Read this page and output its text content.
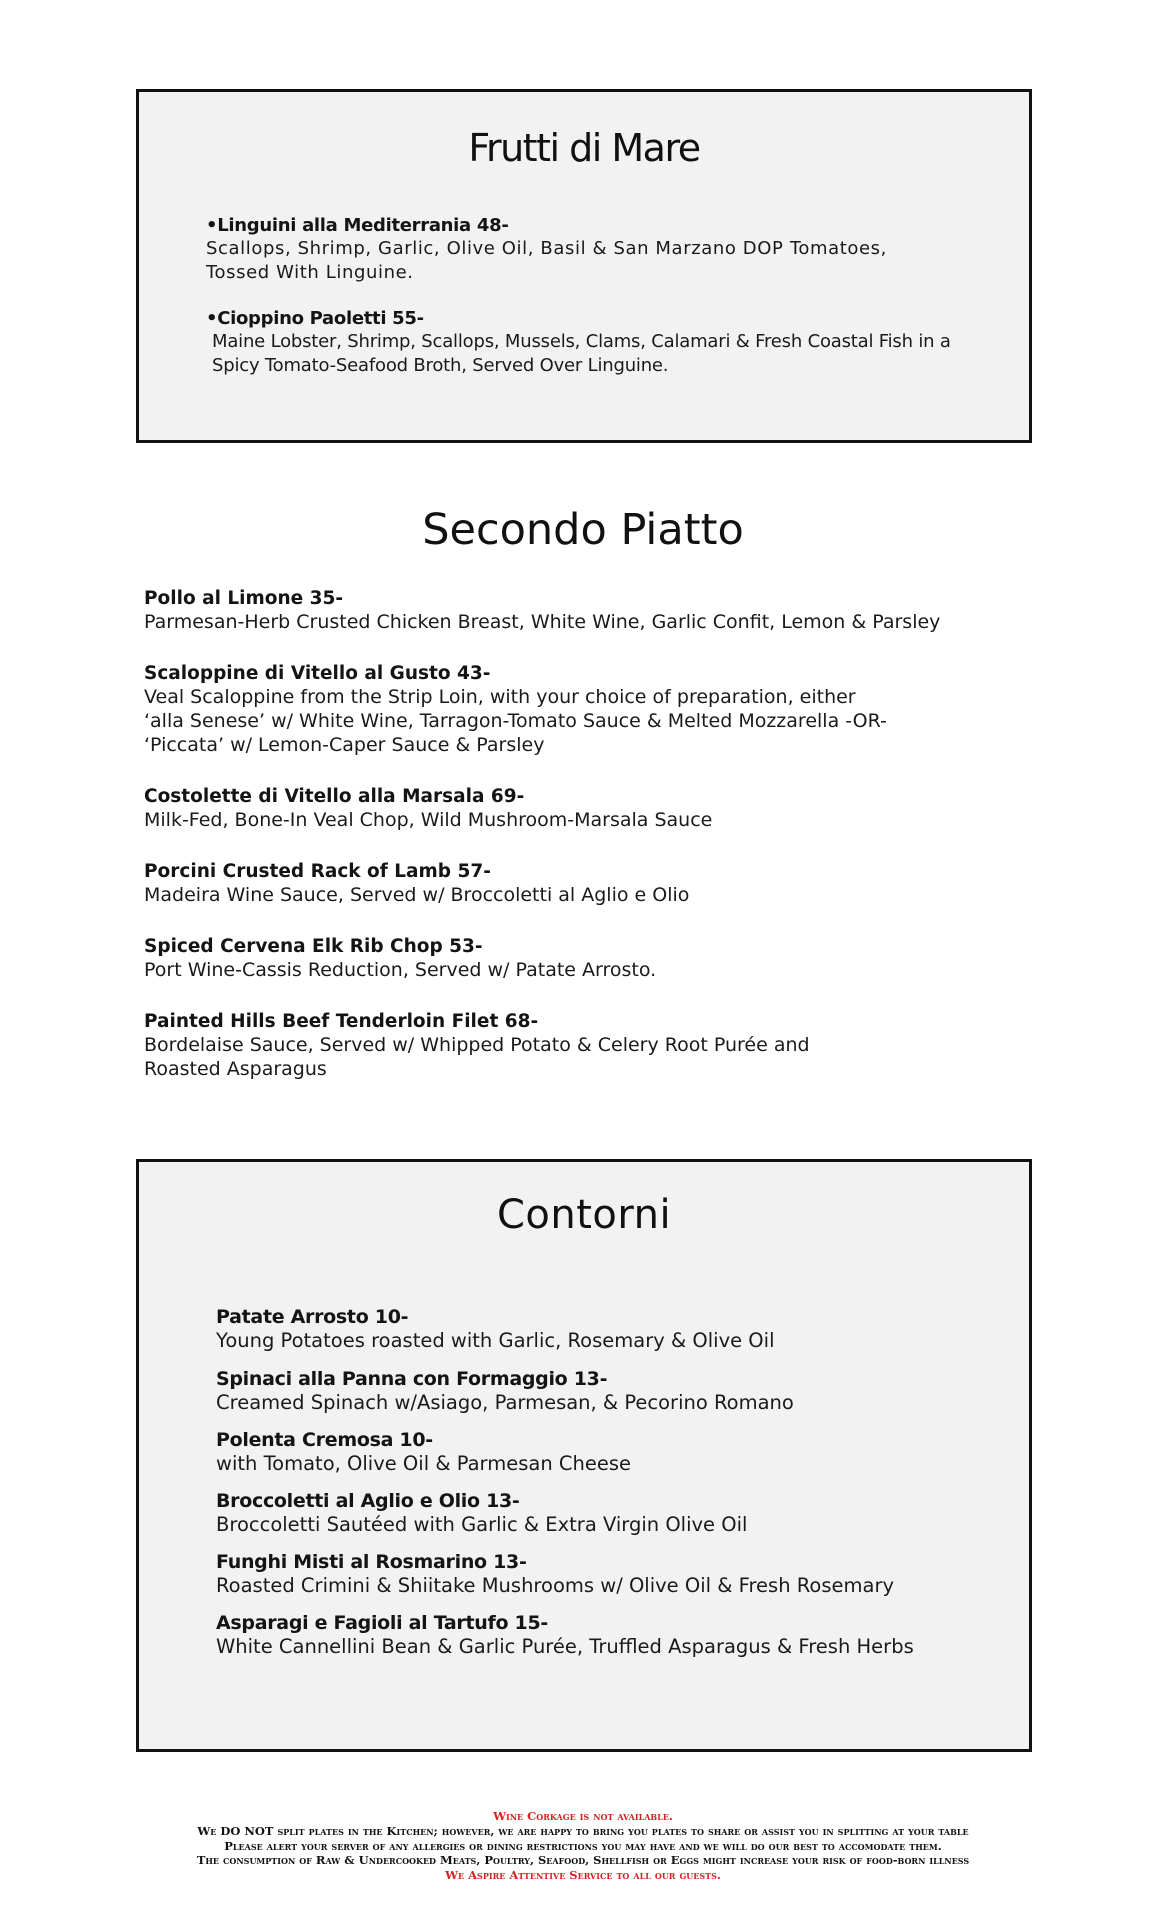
Frutti di Mare
•Linguini alla Mediterrania 48-
Scallops, Shrimp, Garlic, Olive Oil, Basil & San Marzano DOP Tomatoes,
Tossed With Linguine.
•Cioppino Paoletti 55-
Maine Lobster, Shrimp, Scallops, Mussels, Clams, Calamari & Fresh Coastal Fish in a
Spicy Tomato-Seafood Broth, Served Over Linguine.
Secondo Piatto
Pollo al Limone 35-
Parmesan-Herb Crusted Chicken Breast, White Wine, Garlic Confit, Lemon & Parsley
Scaloppine di Vitello al Gusto 43-
Veal Scaloppine from the Strip Loin, with your choice of preparation, either
‘alla Senese’ w/ White Wine, Tarragon-Tomato Sauce & Melted Mozzarella -OR-
‘Piccata’ w/ Lemon-Caper Sauce & Parsley
Costolette di Vitello alla Marsala 69-
Milk-Fed, Bone-In Veal Chop, Wild Mushroom-Marsala Sauce
Porcini Crusted Rack of Lamb 57-
Madeira Wine Sauce, Served w/ Broccoletti al Aglio e Olio
Spiced Cervena Elk Rib Chop 53-
Port Wine-Cassis Reduction, Served w/ Patate Arrosto.
Painted Hills Beef Tenderloin Filet 68-
Bordelaise Sauce, Served w/ Whipped Potato & Celery Root Purée and
Roasted Asparagus
Contorni
Patate Arrosto 10-
Young Potatoes roasted with Garlic, Rosemary & Olive Oil
Spinaci alla Panna con Formaggio 13-
Creamed Spinach w/Asiago, Parmesan, & Pecorino Romano
Polenta Cremosa 10-
with Tomato, Olive Oil & Parmesan Cheese
Broccoletti al Aglio e Olio 13-
Broccoletti Sautéed with Garlic & Extra Virgin Olive Oil
Funghi Misti al Rosmarino 13-
Roasted Crimini & Shiitake Mushrooms w/ Olive Oil & Fresh Rosemary
Asparagi e Fagioli al Tartufo 15-
White Cannellini Bean & Garlic Purée, Truffled Asparagus & Fresh Herbs
Wine Corkage is not available.
We DO NOT split plates in the Kitchen; however, we are happy to bring you plates to share or assist you in splitting at your table
Please alert your server of any allergies or dining restrictions you may have and we will do our best to accomodate them.
The consumption of Raw & Undercooked Meats, Poultry, Seafood, Shellfish or Eggs might increase your risk of food-born illness
We Aspire Attentive Service to all our guests.
